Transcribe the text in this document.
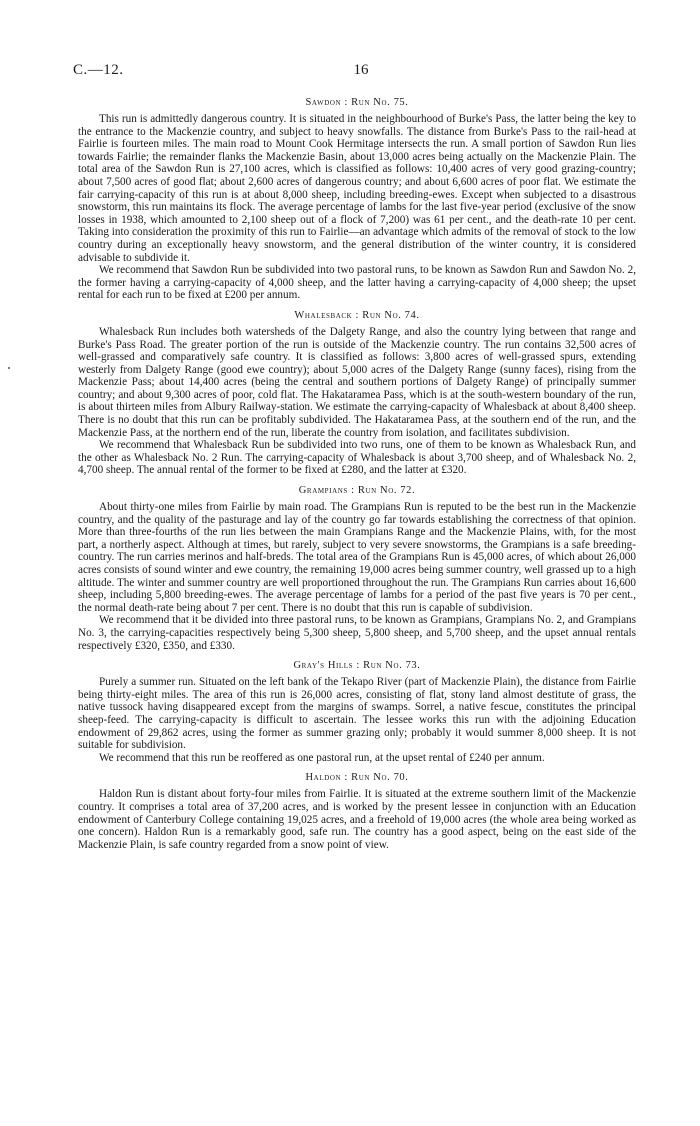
C.—12.	16
Sawdon : Run No. 75.

This run is admittedly dangerous country. It is situated in the neighbourhood of Burke's Pass, the latter being the key to the entrance to the Mackenzie country, and subject to heavy snowfalls. The distance from Burke's Pass to the rail-head at Fairlie is fourteen miles. The main road to Mount Cook Hermitage intersects the run. A small portion of Sawdon Run lies towards Fairlie; the remainder flanks the Mackenzie Basin, about 13,000 acres being actually on the Mackenzie Plain. The total area of the Sawdon Run is 27,100 acres, which is classified as follows: 10,400 acres of very good grazing-country; about 7,500 acres of good flat; about 2,600 acres of dangerous country; and about 6,600 acres of poor flat. We estimate the fair carrying-capacity of this run is at about 8,000 sheep, including breeding-ewes. Except when subjected to a disastrous snowstorm, this run maintains its flock. The average percentage of lambs for the last five-year period (exclusive of the snow losses in 1938, which amounted to 2,100 sheep out of a flock of 7,200) was 61 per cent., and the death-rate 10 per cent. Taking into consideration the proximity of this run to Fairlie—an advantage which admits of the removal of stock to the low country during an exceptionally heavy snowstorm, and the general distribution of the winter country, it is considered advisable to subdivide it.

We recommend that Sawdon Run be subdivided into two pastoral runs, to be known as Sawdon Run and Sawdon No. 2, the former having a carrying-capacity of 4,000 sheep, and the latter having a carrying-capacity of 4,000 sheep; the upset rental for each run to be fixed at £200 per annum.

Whalesback : Run No. 74.

Whalesback Run includes both watersheds of the Dalgety Range, and also the country lying between that range and Burke's Pass Road. The greater portion of the run is outside of the Mackenzie country. The run contains 32,500 acres of well-grassed and comparatively safe country. It is classified as follows: 3,800 acres of well-grassed spurs, extending westerly from Dalgety Range (good ewe country); about 5,000 acres of the Dalgety Range (sunny faces), rising from the Mackenzie Pass; about 14,400 acres (being the central and southern portions of Dalgety Range) of principally summer country; and about 9,300 acres of poor, cold flat. The Hakataramea Pass, which is at the south-western boundary of the run, is about thirteen miles from Albury Railway-station. We estimate the carrying-capacity of Whalesback at about 8,400 sheep. There is no doubt that this run can be profitably subdivided. The Hakataramea Pass, at the southern end of the run, and the Mackenzie Pass, at the northern end of the run, liberate the country from isolation, and facilitates subdivision.

We recommend that Whalesback Run be subdivided into two runs, one of them to be known as Whalesback Run, and the other as Whalesback No. 2 Run. The carrying-capacity of Whalesback is about 3,700 sheep, and of Whalesback No. 2, 4,700 sheep. The annual rental of the former to be fixed at £280, and the latter at £320.

Grampians : Run No. 72.

About thirty-one miles from Fairlie by main road. The Grampians Run is reputed to be the best run in the Mackenzie country, and the quality of the pasturage and lay of the country go far towards establishing the correctness of that opinion. More than three-fourths of the run lies between the main Grampians Range and the Mackenzie Plains, with, for the most part, a northerly aspect. Although at times, but rarely, subject to very severe snowstorms, the Grampians is a safe breeding-country. The run carries merinos and half-breds. The total area of the Grampians Run is 45,000 acres, of which about 26,000 acres consists of sound winter and ewe country, the remaining 19,000 acres being summer country, well grassed up to a high altitude. The winter and summer country are well proportioned throughout the run. The Grampians Run carries about 16,600 sheep, including 5,800 breeding-ewes. The average percentage of lambs for a period of the past five years is 70 per cent., the normal death-rate being about 7 per cent. There is no doubt that this run is capable of subdivision.

We recommend that it be divided into three pastoral runs, to be known as Grampians, Grampians No. 2, and Grampians No. 3, the carrying-capacities respectively being 5,300 sheep, 5,800 sheep, and 5,700 sheep, and the upset annual rentals respectively £320, £350, and £330.

Gray's Hills : Run No. 73.

Purely a summer run. Situated on the left bank of the Tekapo River (part of Mackenzie Plain), the distance from Fairlie being thirty-eight miles. The area of this run is 26,000 acres, consisting of flat, stony land almost destitute of grass, the native tussock having disappeared except from the margins of swamps. Sorrel, a native fescue, constitutes the principal sheep-feed. The carrying-capacity is difficult to ascertain. The lessee works this run with the adjoining Education endowment of 29,862 acres, using the former as summer grazing only; probably it would summer 8,000 sheep. It is not suitable for subdivision.

We recommend that this run be reoffered as one pastoral run, at the upset rental of £240 per annum.

Haldon : Run No. 70.

Haldon Run is distant about forty-four miles from Fairlie. It is situated at the extreme southern limit of the Mackenzie country. It comprises a total area of 37,200 acres, and is worked by the present lessee in conjunction with an Education endowment of Canterbury College containing 19,025 acres, and a freehold of 19,000 acres (the whole area being worked as one concern). Haldon Run is a remarkably good, safe run. The country has a good aspect, being on the east side of the Mackenzie Plain, is safe country regarded from a snow point of view.
